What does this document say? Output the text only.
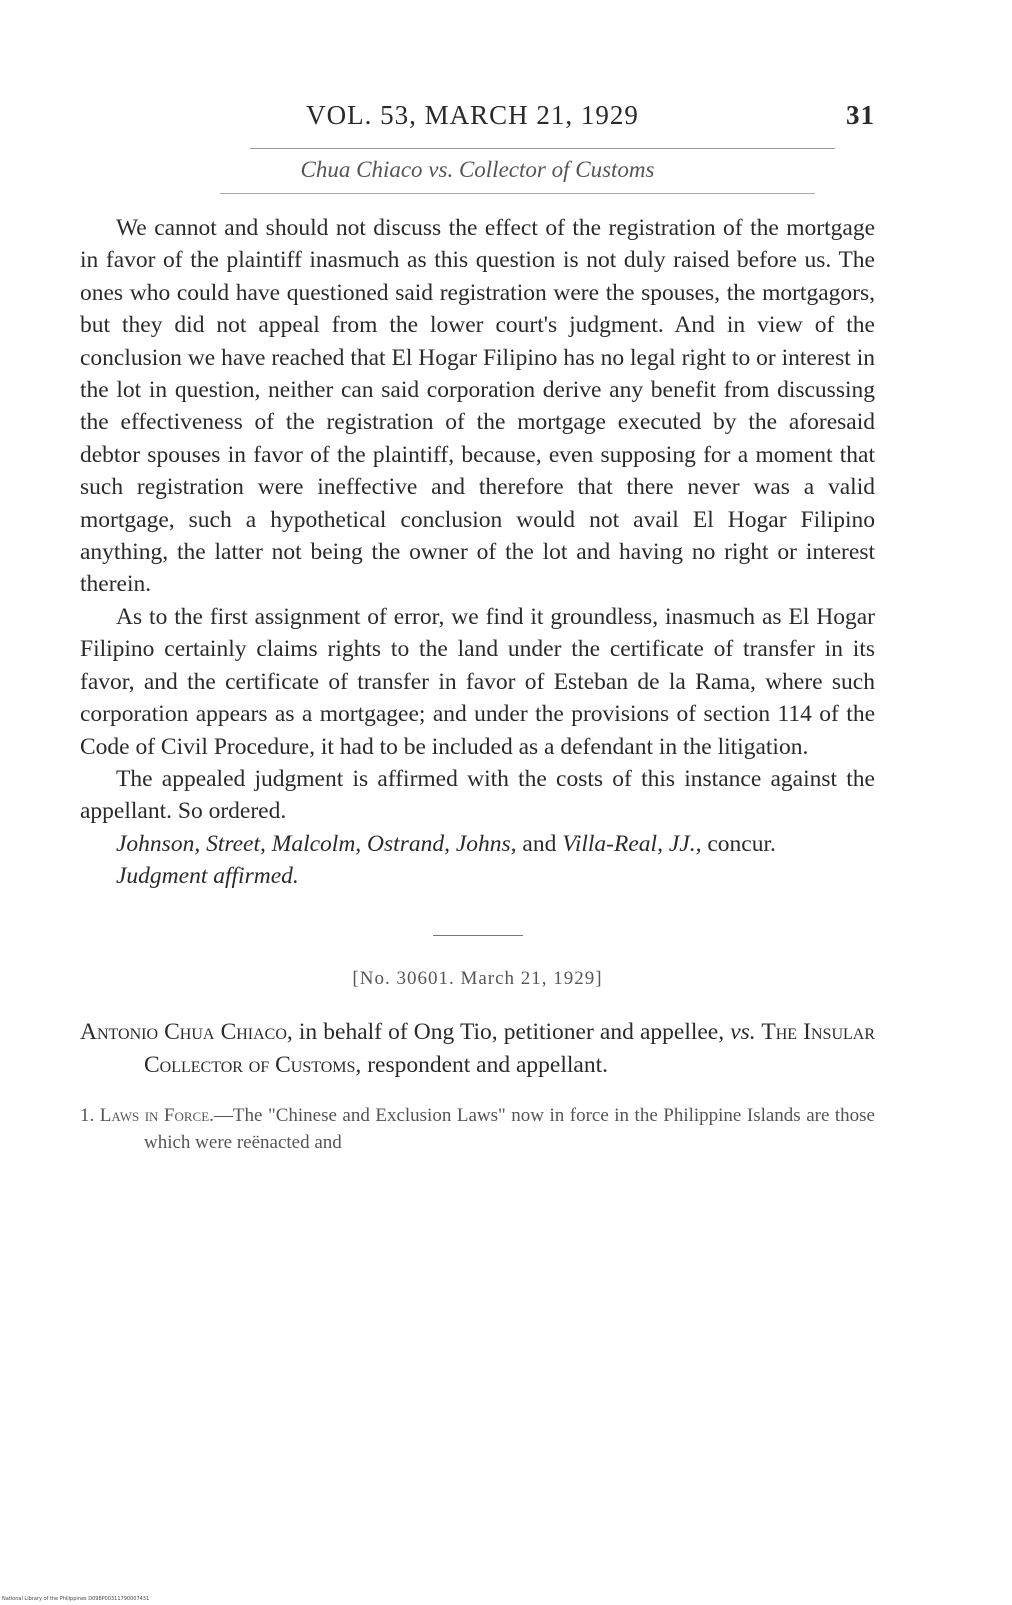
VOL. 53, MARCH 21, 1929	31
Chua Chiaco vs. Collector of Customs

We cannot and should not discuss the effect of the registration of the mortgage in favor of the plaintiff inasmuch as this question is not duly raised before us. The ones who could have questioned said registration were the spouses, the mortgagors, but they did not appeal from the lower court's judgment. And in view of the conclusion we have reached that El Hogar Filipino has no legal right to or interest in the lot in question, neither can said corporation derive any benefit from discussing the effectiveness of the registration of the mortgage executed by the aforesaid debtor spouses in favor of the plaintiff, because, even supposing for a moment that such registration were ineffective and therefore that there never was a valid mortgage, such a hypothetical conclusion would not avail El Hogar Filipino anything, the latter not being the owner of the lot and having no right or interest therein.

As to the first assignment of error, we find it groundless, inasmuch as El Hogar Filipino certainly claims rights to the land under the certificate of transfer in its favor, and the certificate of transfer in favor of Esteban de la Rama, where such corporation appears as a mortgagee; and under the provisions of section 114 of the Code of Civil Procedure, it had to be included as a defendant in the litigation.

The appealed judgment is affirmed with the costs of this instance against the appellant. So ordered.

Johnson, Street, Malcolm, Ostrand, Johns, and Villa-Real, JJ., concur.

Judgment affirmed.

[No. 30601. March 21, 1929]

Antonio Chua Chiaco, in behalf of Ong Tio, petitioner and appellee, vs. The Insular Collector of Customs, respondent and appellant.

1. Laws in Force.—The "Chinese and Exclusion Laws" now in force in the Philippine Islands are those which were reënacted and

National Library of the Philippines D098P00311790007431
